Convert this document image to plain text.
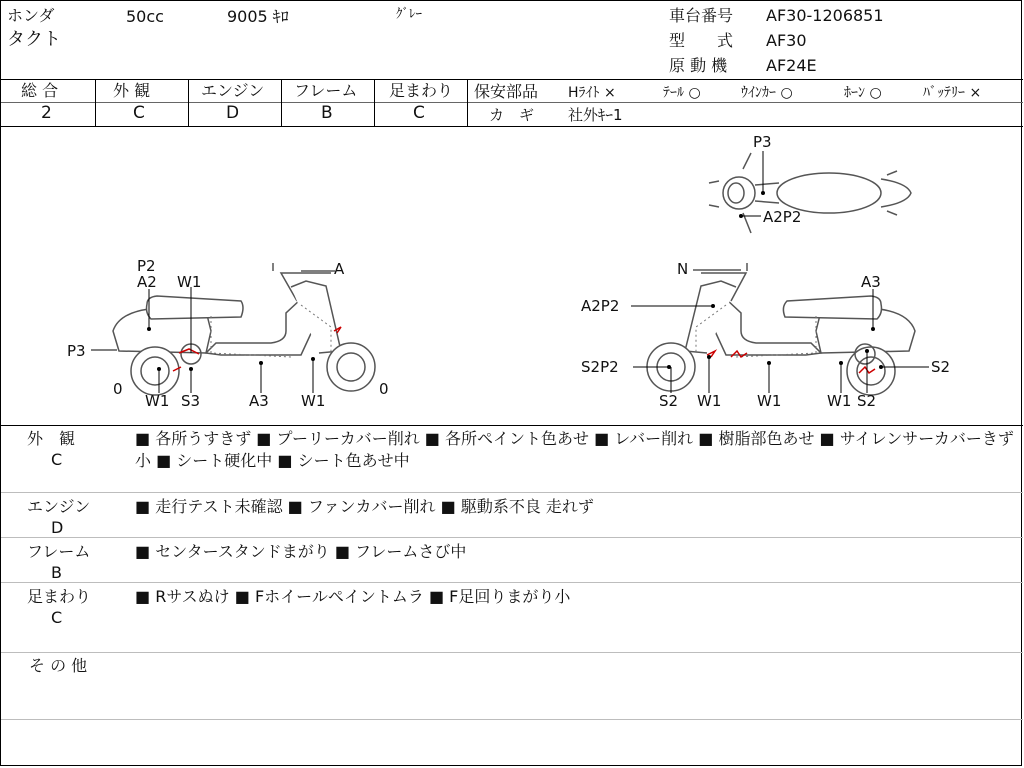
ホンダ
タクト
50cc	9005 ｷﾛ	ｸﾞﾚｰ	車台番号 AF30-1206851
型　　式 AF30
原 動 機 AF24E
総 合
2
外 観
C
エンジン
D
フレーム
B
足まわり
C
保安部品 Hﾗｲﾄ ×	ﾃｰﾙ ○	ｳｲﾝｶｰ ○	ﾎｰﾝ ○	ﾊﾞｯﾃﾘｰ ×
カ　ギ 社外ｷｰ1
P2
A2 W1
A
P3
0	0
W1 S3	A3 W1
N
A3
A2P2
S2P2	S2
S2 W1 W1	W1 S2
P3
A2P2
外　観
C
■ 各所うすきず ■ プーリーカバー削れ ■ 各所ペイント色あせ ■ レバー削れ ■ 樹脂部色あせ ■ サイレンサーカバーきず小 ■ シート硬化中 ■ シート色あせ中
エンジン
D
■ 走行テスト未確認 ■ ファンカバー削れ ■ 駆動系不良 走れず
フレーム
B
■ センタースタンドまがり ■ フレームさび中
足まわり
C
■ Rサスぬけ ■ Fホイールペイントムラ ■ F足回りまがり小
そ の 他
